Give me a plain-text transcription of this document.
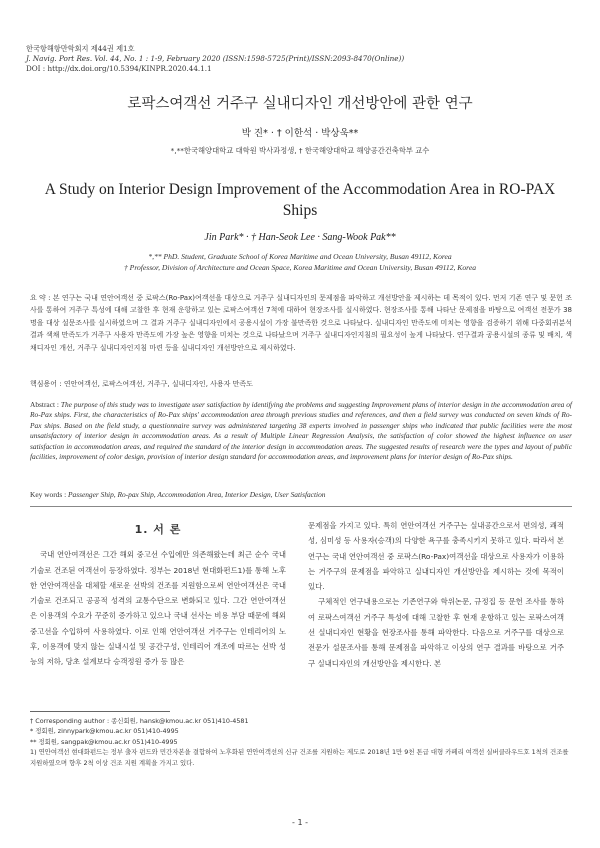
한국항해항만학회지 제44권 제1호
J. Navig. Port Res. Vol. 44, No. 1 : 1-9, February 2020 (ISSN:1598-5725(Print)/ISSN:2093-8470(Online))
DOI : http://dx.doi.org/10.5394/KINPR.2020.44.1.1
로팍스여객선 거주구 실내디자인 개선방안에 관한 연구
박 진* · † 이한석 · 박상욱**
*,**한국해양대학교 대학원 박사과정생, † 한국해양대학교 해양공간건축학부 교수
A Study on Interior Design Improvement of the Accommodation Area in RO-PAX Ships
Jin Park* · † Han-Seok Lee · Sang-Wook Pak**
*,** PhD. Student, Graduate School of Korea Maritime and Ocean University, Busan 49112, Korea
† Professor, Division of Architecture and Ocean Space, Korea Maritime and Ocean University, Busan 49112, Korea
요 약 : 본 연구는 국내 연안여객선 중 로팍스(Ro-Pax)여객선을 대상으로 거주구 실내디자인의 문제점을 파악하고 개선방안을 제시하는 데 목적이 있다. 먼저 기존 연구 및 문헌 조사를 통하여 거주구 특성에 대해 고찰한 후 현재 운항하고 있는 로팍스여객선 7척에 대하여 현장조사를 실시하였다. 현장조사를 통해 나타난 문제점을 바탕으로 여객선 전문가 38명을 대상 설문조사를 실시하였으며 그 결과 거주구 실내디자인에서 공용시설이 가장 불만족한 것으로 나타났다. 실내디자인 만족도에 미치는 영향을 검증하기 위해 다중회귀분석 결과 색채 만족도가 거주구 사용자 만족도에 가장 높은 영향을 미치는 것으로 나타났으며 거주구 실내디자인지침의 필요성이 높게 나타났다. 연구결과 공용시설의 종류 및 배치, 색채디자인 개선, 거주구 실내디자인지침 마련 등을 실내디자인 개선방안으로 제시하였다.
핵심용어 : 연안여객선, 로팍스여객선, 거주구, 실내디자인, 사용자 만족도
Abstract : The purpose of this study was to investigate user satisfaction by identifying the problems and suggesting Improvement plans of interior design in the accommodation area of Ro-Pax ships. First, the characteristics of Ro-Pax ships' accommodation area through previous studies and references, and then a field survey was conducted on seven kinds of Ro-Pax ships. Based on the field study, a questionnaire survey was administered targeting 38 experts involved in passenger ships who indicated that public facilities were the most unsatisfactory of interior design in accommodation areas. As a result of Multiple Linear Regression Analysis, the satisfaction of color showed the highest influence on user satisfaction in accommodation areas, and required the standard of the interior design in accommodation areas. The suggested results of research were the types and layout of public facilities, improvement of color design, provision of interior design standard for accommodation areas, and improvement plans for interior design of Ro-Pax ships.
Key words : Passenger Ship, Ro-pax Ship, Accommodation Area, Interior Design, User Satisfaction
1. 서 론

국내 연안여객선은 그간 해외 중고선 수입에만 의존해왔는데 최근 순수 국내 기술로 건조된 여객선이 등장하였다. 정부는 2018년 현대화펀드1)를 통해 노후한 연안여객선을 대체할 새로운 선박의 건조를 지원함으로써 연안여객선은 국내 기술로 건조되고 공공적 성격의 교통수단으로 변화되고 있다. 그간 연안여객선은 이용객의 수요가 꾸준히 증가하고 있으나 국내 선사는 비용 부담 때문에 해외 중고선을 수입하여 사용하였다. 이로 인해 연안여객선 거주구는 인테리어의 노후, 이용객에 맞지 않는 실내시설 및 공간구성, 인테리어 개조에 따르는 선박 성능의 저하, 당초 설계보다 승객정원 증가 등 많은

문제점을 가지고 있다. 특히 연안여객선 거주구는 실내공간으로서 편의성, 쾌적성, 심미성 등 사용자(승객)의 다양한 욕구를 충족시키지 못하고 있다. 따라서 본 연구는 국내 연안여객선 중 로팍스(Ro-Pax)여객선을 대상으로 사용자가 이용하는 거주구의 문제점을 파악하고 실내디자인 개선방안을 제시하는 것에 목적이 있다.

구체적인 연구내용으로는 기존연구와 학위논문, 규정집 등 문헌 조사를 통하여 로팍스여객선 거주구 특성에 대해 고찰한 후 현재 운항하고 있는 로팍스여객선 실내디자인 현황을 현장조사를 통해 파악한다. 다음으로 거주구를 대상으로 전문가 설문조사를 통해 문제점을 파악하고 이상의 연구 결과를 바탕으로 거주구 실내디자인의 개선방안을 제시한다. 본

† Corresponding author : 종신회원, hansk@kmou.ac.kr 051)410-4581
* 정회원, zinnypark@kmou.ac.kr 051)410-4995
** 정회원, sangpak@kmou.ac.kr 051)410-4995
1) 연안여객선 현대화펀드는 정부 출자 펀드와 민간자본을 결합하여 노후화된 연안여객선의 신규 건조를 지원하는 제도로 2018년 1만 9천 톤급 대형 카페리 여객선 실버클라우드호 1척의 건조를 지원하였으며 향후 2척 이상 건조 지원 계획을 가지고 있다.
- 1 -
